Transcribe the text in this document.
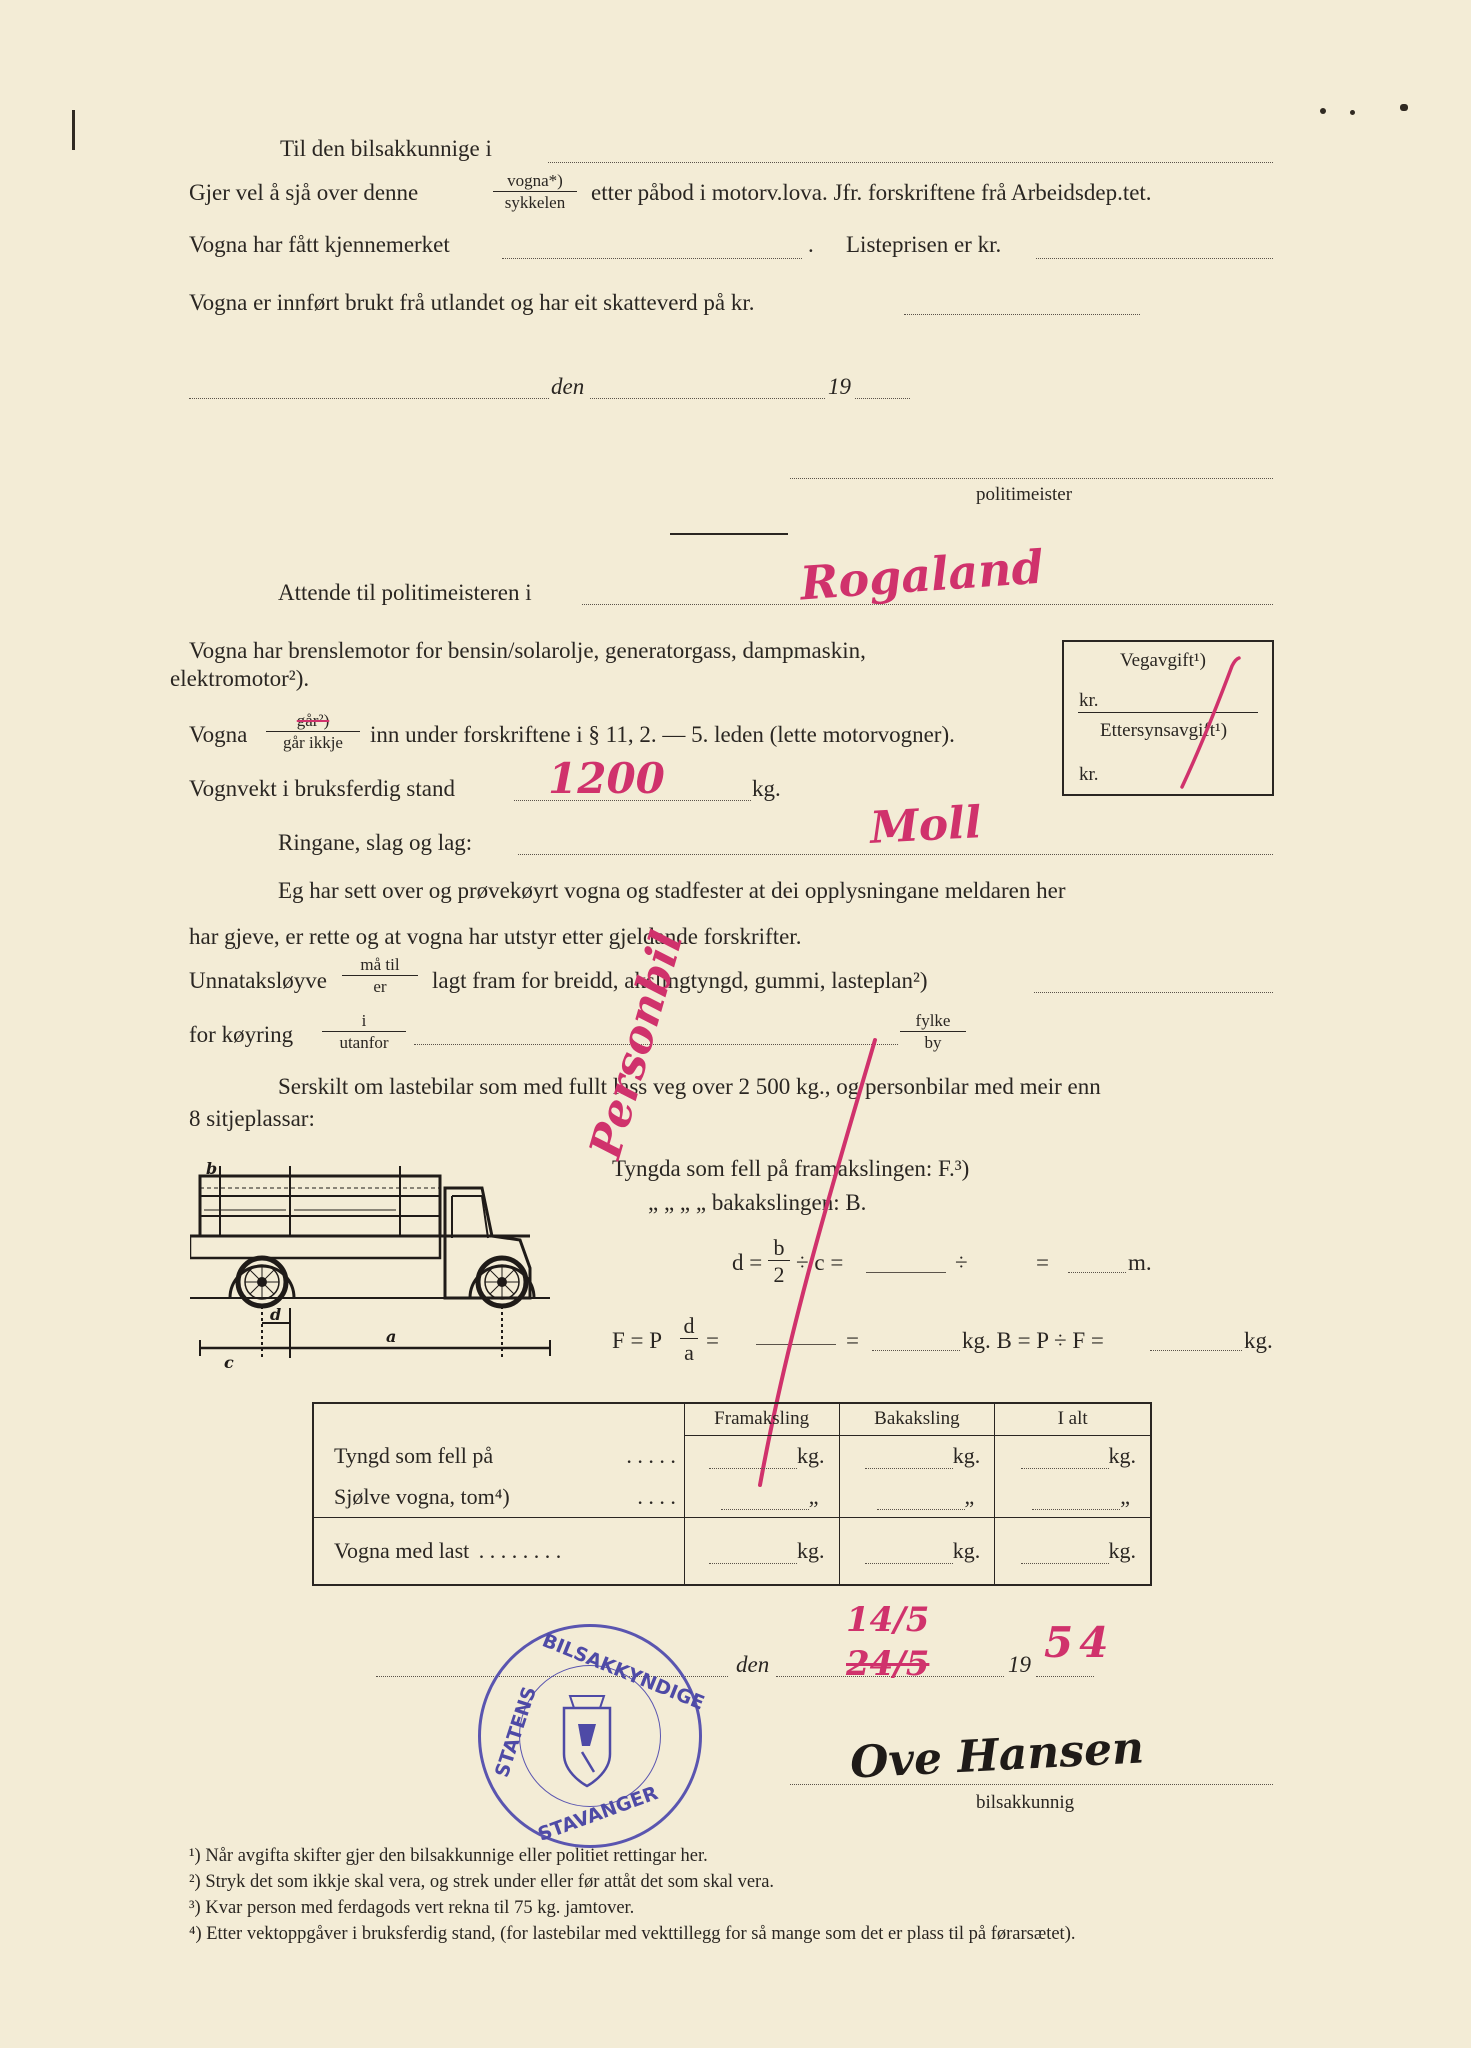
Til den bilsakkunnige i
Gjer vel å sjå over denne	vogna*)
sykkelen	etter påbod i motorv.lova. Jfr. forskriftene frå Arbeidsdep.tet.
Vogna har fått kjennemerket	. Listeprisen er kr.
Vogna er innført brukt frå utlandet og har eit skatteverd på kr.
den	19
politimeister
Attende til politimeisteren i	Rogaland
Vogna har brenslemotor for bensin/solarolje, generatorgass, dampmaskin,
elektromotor²).
Vogna
går²)
går ikkje	inn under forskriftene i § 11, 2. — 5. leden (lette motorvogner).
Vognvekt i bruksferdig stand 1200	kg.
Ringane, slag og lag:	Moll
Vegavgift¹)
kr.
Ettersynsavgift¹)
kr.
Eg har sett over og prøvekøyrt vogna og stadfester at dei opplysningane meldaren her
har gjeve, er rette og at vogna har utstyr etter gjeldande forskrifter.
Unnataksløyve
må til
er	lagt fram for breidd, akslingtyngd, gummi, lasteplan²)
for køyring
i
utanfor
fylke
by
Serskilt om lastebilar som med fullt lass veg over 2 500 kg., og personbilar med meir enn
8 sitjeplassar:
c
a
d
b	Tyngda som fell på framakslingen: F.³)
„ „ „ „ bakakslingen: B.
$d = \frac{b}{2} \div c$ =	÷	=	m.
F = P $\frac{d}{a}$ =	=	kg. B = P ÷ F =	kg.
Personbil
	Framaksling	Bakaksling	I alt
Tyngd som fell på . . . . .	kg.	kg.	kg.
Sjølve vogna, tom⁴) . . . .	„	„	„
Vogna med last . . . . . . . .	kg.	kg.	kg.
den
14/5
24/5	19 54
Ove Hansen
bilsakkunnig
BILSAKKYNDIGE
STATENS
STAVANGER
¹) Når avgifta skifter gjer den bilsakkunnige eller politiet rettingar her.
²) Stryk det som ikkje skal vera, og strek under eller før attåt det som skal vera.
³) Kvar person med ferdagods vert rekna til 75 kg. jamtover.
⁴) Etter vektoppgåver i bruksferdig stand, (for lastebilar med vekttillegg for så mange som det er plass til på førarsætet).
